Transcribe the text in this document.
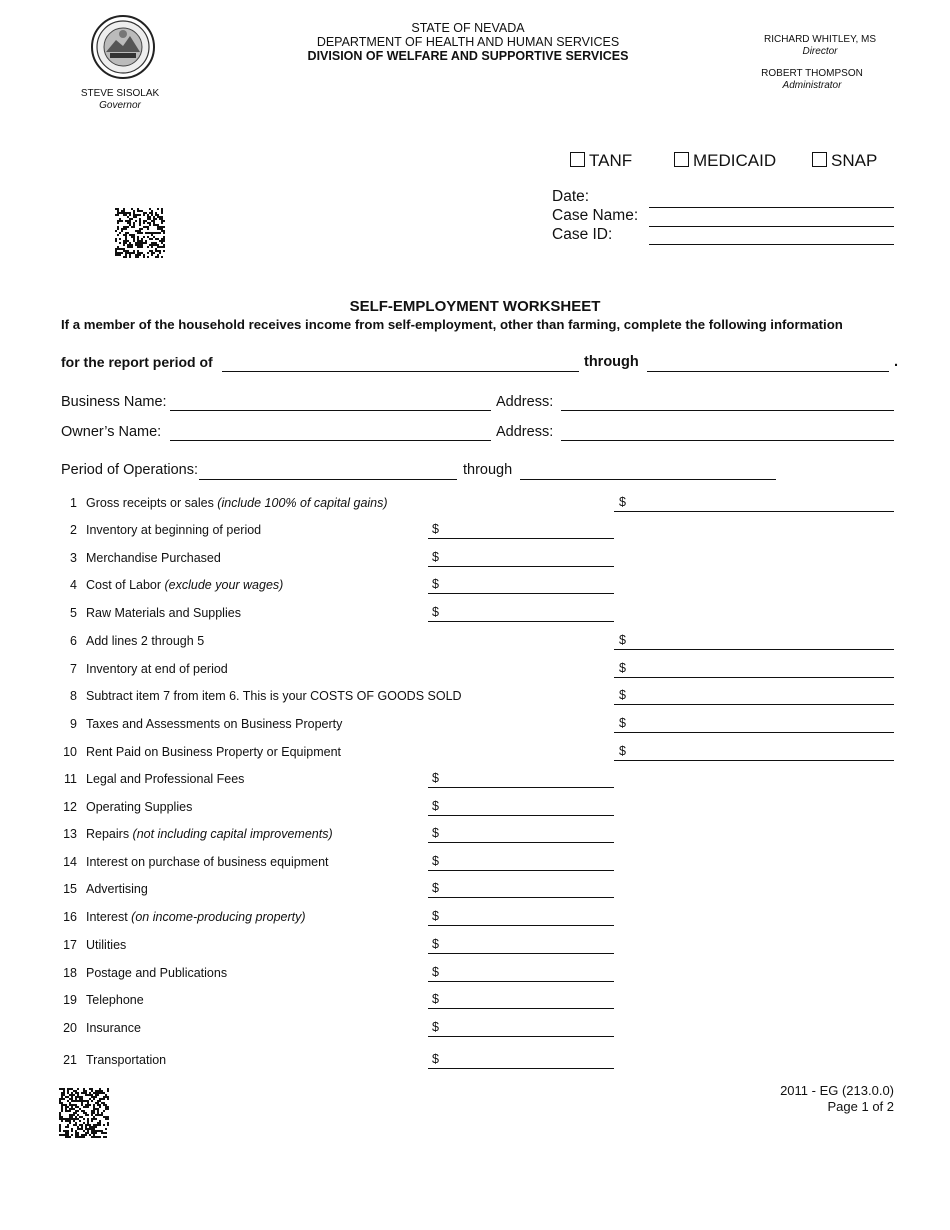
STEVE SISOLAK
Governor
STATE OF NEVADA
DEPARTMENT OF HEALTH AND HUMAN SERVICES
DIVISION OF WELFARE AND SUPPORTIVE SERVICES
RICHARD WHITLEY, MS
Director
ROBERT THOMPSON
Administrator
TANF	MEDICAID	SNAP
Date:
Case Name:
Case ID:
SELF-EMPLOYMENT WORKSHEET
If a member of the household receives income from self-employment, other than farming, complete the following information
for the report period of	through	.
Business Name:	Address:
Owner’s Name:	Address:
Period of Operations:	through
1 Gross receipts or sales (include 100% of capital gains)	$
2 Inventory at beginning of period	$
3 Merchandise Purchased	$
4 Cost of Labor (exclude your wages)	$
5 Raw Materials and Supplies	$
6 Add lines 2 through 5	$
7 Inventory at end of period	$
8 Subtract item 7 from item 6. This is your COSTS OF GOODS SOLD	$
9 Taxes and Assessments on Business Property	$
10 Rent Paid on Business Property or Equipment	$
11 Legal and Professional Fees	$
12 Operating Supplies	$
13 Repairs (not including capital improvements)	$
14 Interest on purchase of business equipment	$
15 Advertising	$
16 Interest (on income-producing property)	$
17 Utilities	$
18 Postage and Publications	$
19 Telephone	$
20 Insurance	$
21 Transportation	$
2011 - EG (213.0.0)
Page 1 of 2
